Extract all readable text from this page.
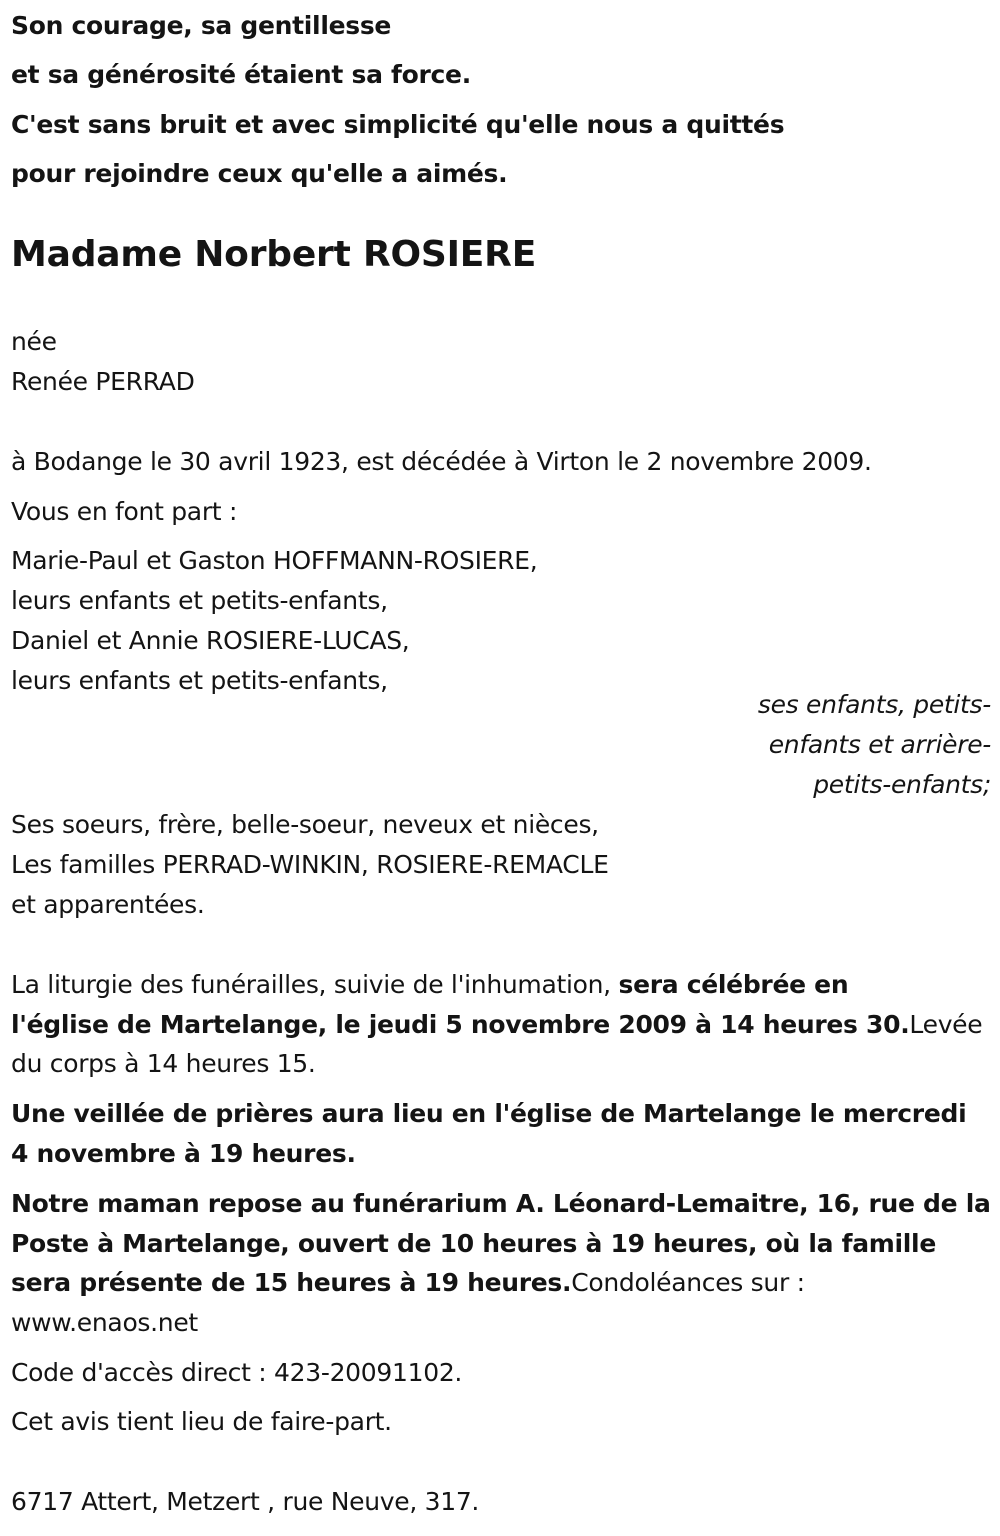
Son courage, sa gentillesse
et sa générosité étaient sa force.
C'est sans bruit et avec simplicité qu'elle nous a quittés
pour rejoindre ceux qu'elle a aimés.
Madame Norbert ROSIERE
née
Renée PERRAD
à Bodange le 30 avril 1923, est décédée à Virton le 2 novembre 2009.
Vous en font part :
Marie-Paul et Gaston HOFFMANN-ROSIERE,
leurs enfants et petits-enfants,
Daniel et Annie ROSIERE-LUCAS,
leurs enfants et petits-enfants,
ses enfants, petits-
enfants et arrière-
petits-enfants;
Ses soeurs, frère, belle-soeur, neveux et nièces,
Les familles PERRAD-WINKIN, ROSIERE-REMACLE
et apparentées.
La liturgie des funérailles, suivie de l'inhumation, sera célébrée en
l'église de Martelange, le jeudi 5 novembre 2009 à 14 heures 30.Levée
du corps à 14 heures 15.
Une veillée de prières aura lieu en l'église de Martelange le mercredi
4 novembre à 19 heures.
Notre maman repose au funérarium A. Léonard-Lemaitre, 16, rue de la
Poste à Martelange, ouvert de 10 heures à 19 heures, où la famille
sera présente de 15 heures à 19 heures.Condoléances sur :
www.enaos.net
Code d'accès direct : 423-20091102.
Cet avis tient lieu de faire-part.
6717 Attert, Metzert , rue Neuve, 317.
